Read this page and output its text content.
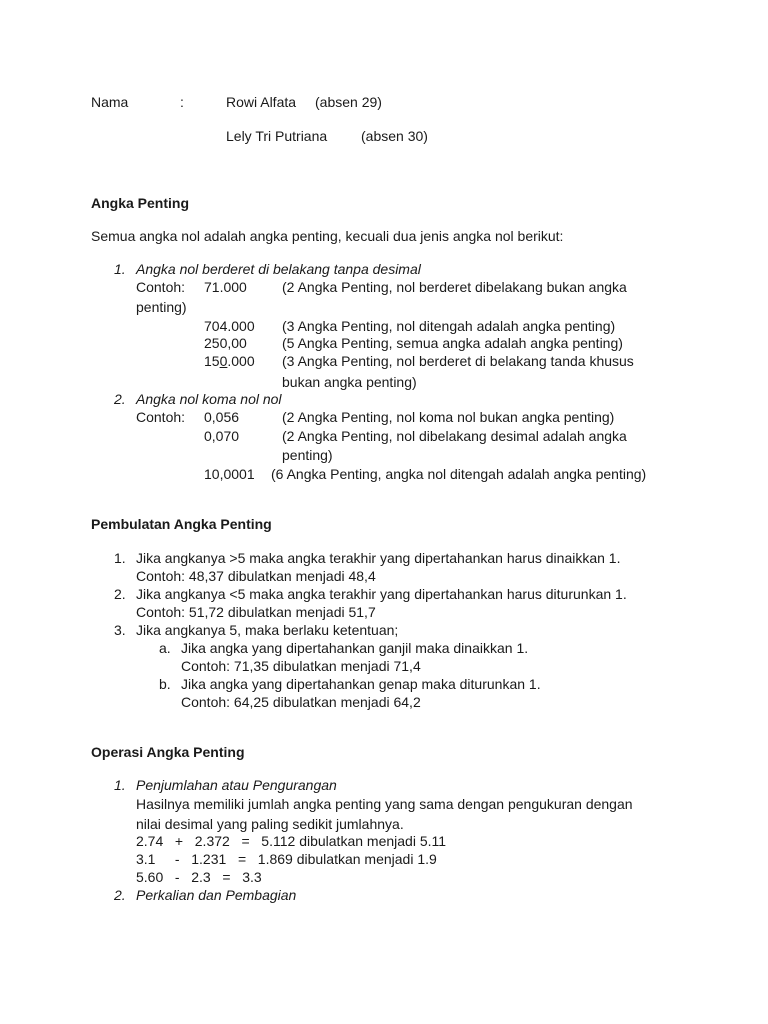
Nama	:	Rowi Alfata (absen 29)
Lely Tri Putriana (absen 30)
Angka Penting
Semua angka nol adalah angka penting, kecuali dua jenis angka nol berikut:
1. Angka nol berderet di belakang tanpa desimal
Contoh: 71.000	(2 Angka Penting, nol berderet dibelakang bukan angka
penting)
704.000 (3 Angka Penting, nol ditengah adalah angka penting)
250,00	(5 Angka Penting, semua angka adalah angka penting)
150.000 (3 Angka Penting, nol berderet di belakang tanda khusus
bukan angka penting)
2. Angka nol koma nol nol
Contoh: 0,056	(2 Angka Penting, nol koma nol bukan angka penting)
0,070	(2 Angka Penting, nol dibelakang desimal adalah angka
penting)
10,0001 (6 Angka Penting, angka nol ditengah adalah angka penting)
Pembulatan Angka Penting
1. Jika angkanya >5 maka angka terakhir yang dipertahankan harus dinaikkan 1.
Contoh: 48,37 dibulatkan menjadi 48,4
2. Jika angkanya <5 maka angka terakhir yang dipertahankan harus diturunkan 1.
Contoh: 51,72 dibulatkan menjadi 51,7
3. Jika angkanya 5, maka berlaku ketentuan;
a. Jika angka yang dipertahankan ganjil maka dinaikkan 1.
Contoh: 71,35 dibulatkan menjadi 71,4
b. Jika angka yang dipertahankan genap maka diturunkan 1.
Contoh: 64,25 dibulatkan menjadi 64,2
Operasi Angka Penting
1. Penjumlahan atau Pengurangan
Hasilnya memiliki jumlah angka penting yang sama dengan pengukuran dengan
nilai desimal yang paling sedikit jumlahnya.
2.74   +   2.372   =   5.112 dibulatkan menjadi 5.11
3.1     -   1.231   =   1.869 dibulatkan menjadi 1.9
5.60   -   2.3   =   3.3
2. Perkalian dan Pembagian
